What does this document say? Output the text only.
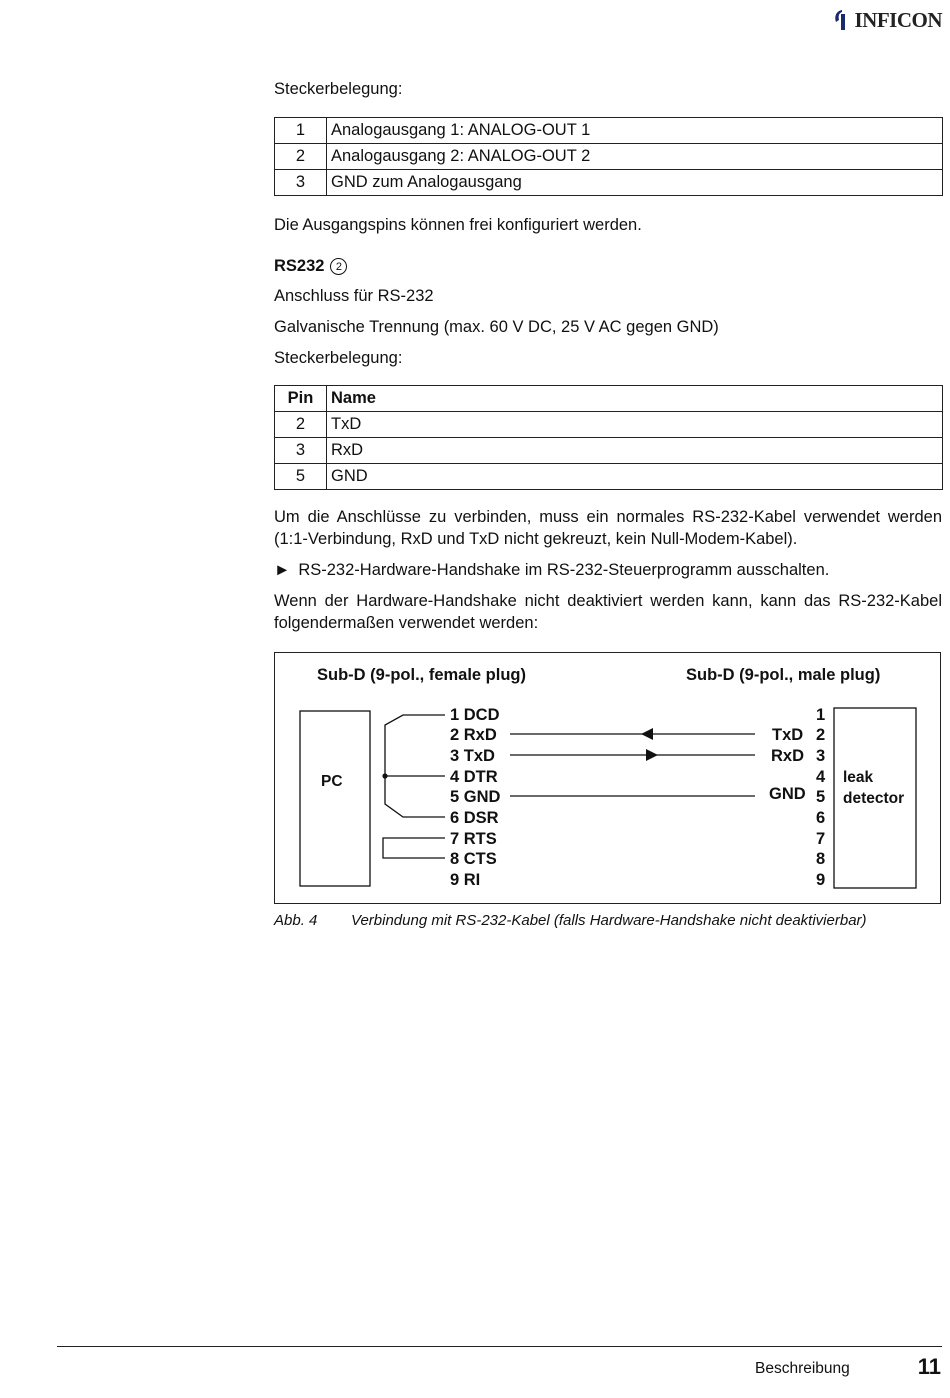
INFICON

Steckerbelegung:

1	Analogausgang 1: ANALOG-OUT 1
2	Analogausgang 2: ANALOG-OUT 2
3	GND zum Analogausgang

Die Ausgangspins können frei konfiguriert werden.

RS232	2

Anschluss für RS-232

Galvanische Trennung (max. 60 V DC, 25 V AC gegen GND)

Steckerbelegung:

Pin	Name
2	TxD
3	RxD
5	GND

Um die Anschlüsse zu verbinden, muss ein normales RS-232-Kabel verwendet werden (1:1-Verbindung, RxD und TxD nicht gekreuzt, kein Null-Modem-Kabel).

► RS-232-Hardware-Handshake im RS-232-Steuerprogramm ausschalten.

Wenn der Hardware-Handshake nicht deaktiviert werden kann, kann das RS-232-Kabel folgendermaßen verwendet werden:

Sub-D (9-pol., female plug)	Sub-D (9-pol., male plug)
PC	leak
detector
1 DCD
2 RxD
3 TxD
4 DTR
5 GND
6 DSR
7 RTS
8 CTS
9 RI
1
2
3
4
5
6
7
8
9
TxD
RxD
GND
Abb. 4	Verbindung mit RS-232-Kabel (falls Hardware-Handshake nicht deaktivierbar)
Beschreibung	11
